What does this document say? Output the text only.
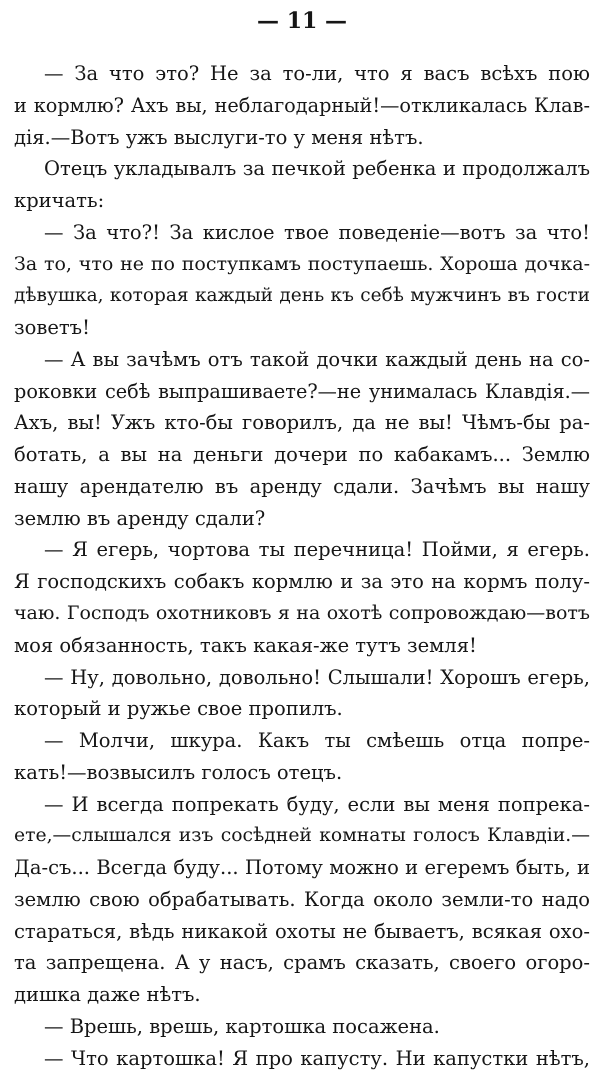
— 11 —
— За что это? Не за то-ли, что я васъ всѣхъ пою
и кормлю? Ахъ вы, неблагодарный!—откликалась Клав-
дія.—Вотъ ужъ выслуги-то у меня нѣтъ.
Отецъ укладывалъ за печкой ребенка и продолжалъ
кричать:
— За что?! За кислое твое поведеніе—вотъ за что!
За то, что не по поступкамъ поступаешь. Хороша дочка-
дѣвушка, которая каждый день къ себѣ мужчинъ въ гости
зоветъ!
— А вы зачѣмъ отъ такой дочки каждый день на со-
роковки себѣ выпрашиваете?—не унималась Клавдія.—
Ахъ, вы! Ужъ кто-бы говорилъ, да не вы! Чѣмъ-бы ра-
ботать, а вы на деньги дочери по кабакамъ... Землю
нашу арендателю въ аренду сдали. Зачѣмъ вы нашу
землю въ аренду сдали?
— Я егерь, чортова ты перечница! Пойми, я егерь.
Я господскихъ собакъ кормлю и за это на кормъ полу-
чаю. Господъ охотниковъ я на охотѣ сопровождаю—вотъ
моя обязанность, такъ какая-же тутъ земля!
— Ну, довольно, довольно! Слышали! Хорошъ егерь,
который и ружье свое пропилъ.
— Молчи, шкура. Какъ ты смѣешь отца попре-
кать!—возвысилъ голосъ отецъ.
— И всегда попрекать буду, если вы меня попрека-
ете,—слышался изъ сосѣдней комнаты голосъ Клавдіи.—
Да-съ... Всегда буду... Потому можно и егеремъ быть, и
землю свою обрабатывать. Когда около земли-то надо
стараться, вѣдь никакой охоты не бываетъ, всякая охо-
та запрещена. А у насъ, срамъ сказать, своего огоро-
дишка даже нѣтъ.
— Врешь, врешь, картошка посажена.
— Что картошка! Я про капусту. Ни капустки нѣтъ,
